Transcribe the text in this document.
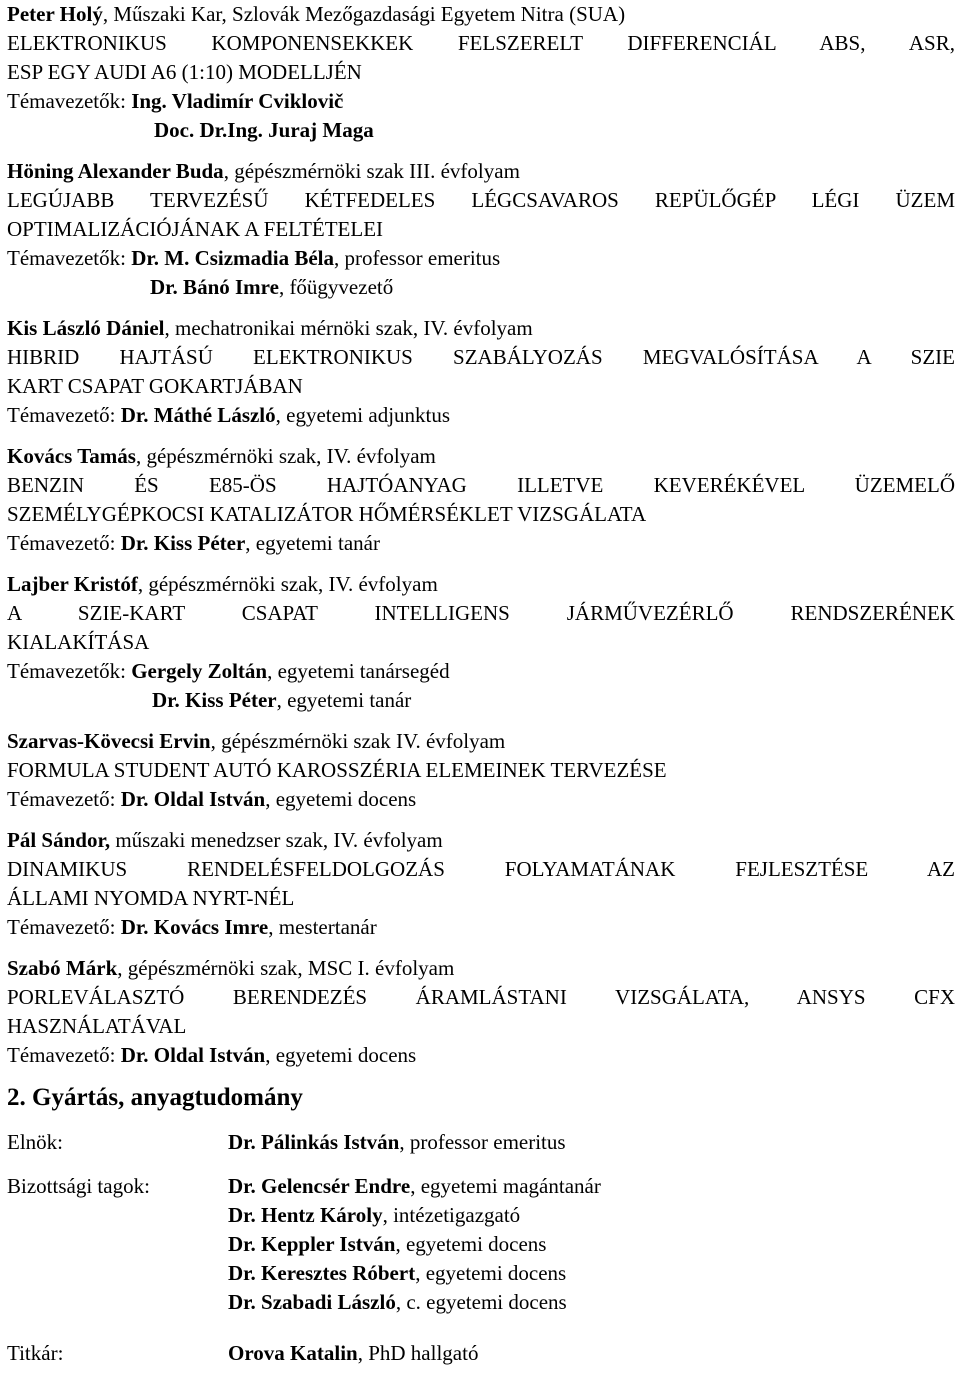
Peter Holý, Műszaki Kar, Szlovák Mezőgazdasági Egyetem Nitra (SUA)
ELEKTRONIKUS KOMPONENSEKKEK FELSZERELT DIFFERENCIÁL ABS, ASR,
ESP EGY AUDI A6 (1:10) MODELLJÉN
Témavezetők: Ing. Vladimír Cviklovič
Doc. Dr.Ing. Juraj Maga
Höning Alexander Buda, gépészmérnöki szak III. évfolyam
LEGÚJABB TERVEZÉSŰ KÉTFEDELES LÉGCSAVAROS REPÜLŐGÉP LÉGI ÜZEM
OPTIMALIZÁCIÓJÁNAK A FELTÉTELEI
Témavezetők: Dr. M. Csizmadia Béla, professor emeritus
Dr. Bánó Imre, főügyvezető
Kis László Dániel, mechatronikai mérnöki szak, IV. évfolyam
HIBRID HAJTÁSÚ ELEKTRONIKUS SZABÁLYOZÁS MEGVALÓSÍTÁSA A SZIE
KART CSAPAT GOKARTJÁBAN
Témavezető: Dr. Máthé László, egyetemi adjunktus
Kovács Tamás, gépészmérnöki szak, IV. évfolyam
BENZIN ÉS E85-ÖS HAJTÓANYAG ILLETVE KEVERÉKÉVEL ÜZEMELŐ
SZEMÉLYGÉPKOCSI KATALIZÁTOR HŐMÉRSÉKLET VIZSGÁLATA
Témavezető: Dr. Kiss Péter, egyetemi tanár
Lajber Kristóf, gépészmérnöki szak, IV. évfolyam
A SZIE-KART CSAPAT INTELLIGENS JÁRMŰVEZÉRLŐ RENDSZERÉNEK
KIALAKÍTÁSA
Témavezetők: Gergely Zoltán, egyetemi tanársegéd
Dr. Kiss Péter, egyetemi tanár
Szarvas-Kövecsi Ervin, gépészmérnöki szak IV. évfolyam
FORMULA STUDENT AUTÓ KAROSSZÉRIA ELEMEINEK TERVEZÉSE
Témavezető: Dr. Oldal István, egyetemi docens
Pál Sándor, műszaki menedzser szak, IV. évfolyam
DINAMIKUS RENDELÉSFELDOLGOZÁS FOLYAMATÁNAK FEJLESZTÉSE AZ
ÁLLAMI NYOMDA NYRT-NÉL
Témavezető: Dr. Kovács Imre, mestertanár
Szabó Márk, gépészmérnöki szak, MSC I. évfolyam
PORLEVÁLASZTÓ BERENDEZÉS ÁRAMLÁSTANI VIZSGÁLATA, ANSYS CFX
HASZNÁLATÁVAL
Témavezető: Dr. Oldal István, egyetemi docens
2. Gyártás, anyagtudomány
Elnök:	Dr. Pálinkás István, professor emeritus
Bizottsági tagok:	Dr. Gelencsér Endre, egyetemi magántanár
Dr. Hentz Károly, intézetigazgató
Dr. Keppler István, egyetemi docens
Dr. Keresztes Róbert, egyetemi docens
Dr. Szabadi László, c. egyetemi docens
Titkár:	Orova Katalin, PhD hallgató
